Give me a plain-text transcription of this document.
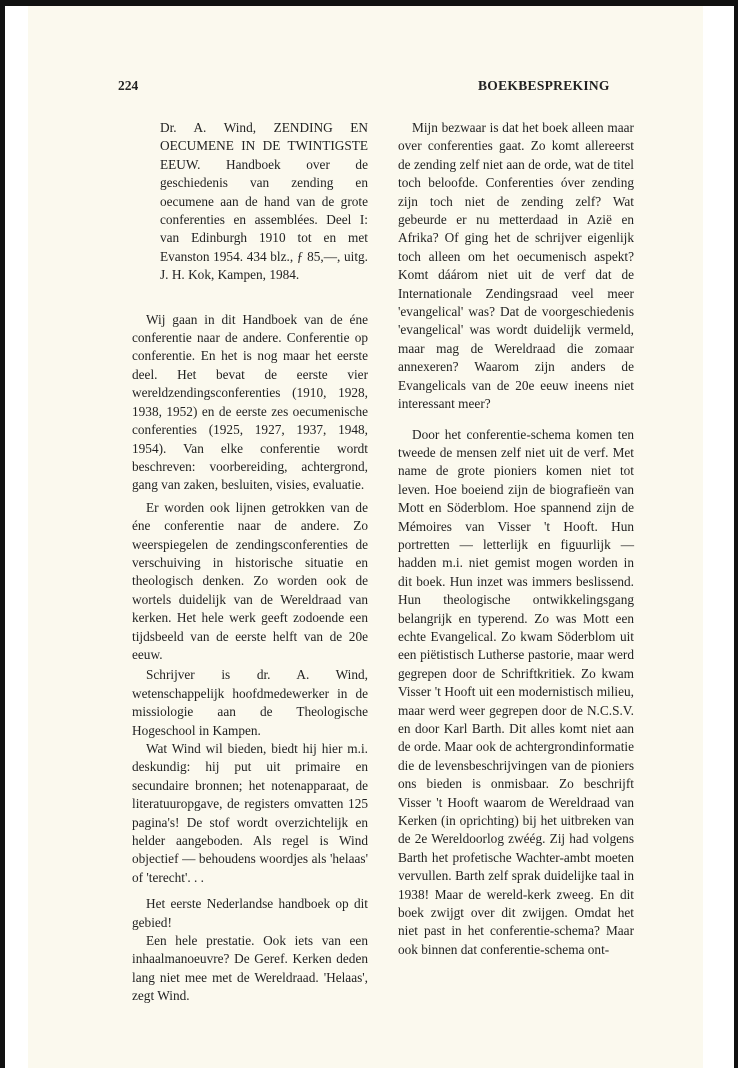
224	BOEKBESPREKING

Dr. A. Wind, ZENDING EN OECUMENE IN DE TWINTIGSTE EEUW. Handboek over de geschiedenis van zending en oecumene aan de hand van de grote conferenties en assemblées. Deel I: van Edinburgh 1910 tot en met Evanston 1954. 434 blz., ƒ 85,—, uitg. J. H. Kok, Kampen, 1984.

Wij gaan in dit Handboek van de éne conferentie naar de andere. Conferentie op conferentie. En het is nog maar het eerste deel. Het bevat de eerste vier wereldzendingsconferenties (1910, 1928, 1938, 1952) en de eerste zes oecumenische conferenties (1925, 1927, 1937, 1948, 1954). Van elke conferentie wordt beschreven: voorbereiding, achtergrond, gang van zaken, besluiten, visies, evaluatie.

Er worden ook lijnen getrokken van de éne conferentie naar de andere. Zo weerspiegelen de zendingsconferenties de verschuiving in historische situatie en theologisch denken. Zo worden ook de wortels duidelijk van de Wereldraad van kerken. Het hele werk geeft zodoende een tijdsbeeld van de eerste helft van de 20e eeuw.

Schrijver is dr. A. Wind, wetenschappelijk hoofdmedewerker in de missiologie aan de Theologische Hogeschool in Kampen.

Wat Wind wil bieden, biedt hij hier m.i. deskundig: hij put uit primaire en secundaire bronnen; het notenapparaat, de literatuuropgave, de registers omvatten 125 pagina's! De stof wordt overzichtelijk en helder aangeboden. Als regel is Wind objectief — behoudens woordjes als 'helaas' of 'terecht'. . .

Het eerste Nederlandse handboek op dit gebied!

Een hele prestatie. Ook iets van een inhaalmanoeuvre? De Geref. Kerken deden lang niet mee met de Wereldraad. 'Helaas', zegt Wind.

Mijn bezwaar is dat het boek alleen maar over conferenties gaat. Zo komt allereerst de zending zelf niet aan de orde, wat de titel toch beloofde. Conferenties óver zending zijn toch niet de zending zelf? Wat gebeurde er nu metterdaad in Azië en Afrika? Of ging het de schrijver eigenlijk toch alleen om het oecumenisch aspekt? Komt dáárom niet uit de verf dat de Internationale Zendingsraad veel meer 'evangelical' was? Dat de voorgeschiedenis 'evangelical' was wordt duidelijk vermeld, maar mag de Wereldraad die zomaar annexeren? Waarom zijn anders de Evangelicals van de 20e eeuw ineens niet interessant meer?

Door het conferentie-schema komen ten tweede de mensen zelf niet uit de verf. Met name de grote pioniers komen niet tot leven. Hoe boeiend zijn de biografieën van Mott en Söderblom. Hoe spannend zijn de Mémoires van Visser 't Hooft. Hun portretten — letterlijk en figuurlijk — hadden m.i. niet gemist mogen worden in dit boek. Hun inzet was immers beslissend. Hun theologische ontwikkelingsgang belangrijk en typerend. Zo was Mott een echte Evangelical. Zo kwam Söderblom uit een piëtistisch Lutherse pastorie, maar werd gegrepen door de Schriftkritiek. Zo kwam Visser 't Hooft uit een modernistisch milieu, maar werd weer gegrepen door de N.C.S.V. en door Karl Barth. Dit alles komt niet aan de orde. Maar ook de achtergrondinformatie die de levensbeschrijvingen van de pioniers ons bieden is onmisbaar. Zo beschrijft Visser 't Hooft waarom de Wereldraad van Kerken (in oprichting) bij het uitbreken van de 2e Wereldoorlog zwéég. Zij had volgens Barth het profetische Wachter-ambt moeten vervullen. Barth zelf sprak duidelijke taal in 1938! Maar de wereld-kerk zweeg. En dit boek zwijgt over dit zwijgen. Omdat het niet past in het conferentie-schema? Maar ook binnen dat conferentie-schema ont-
